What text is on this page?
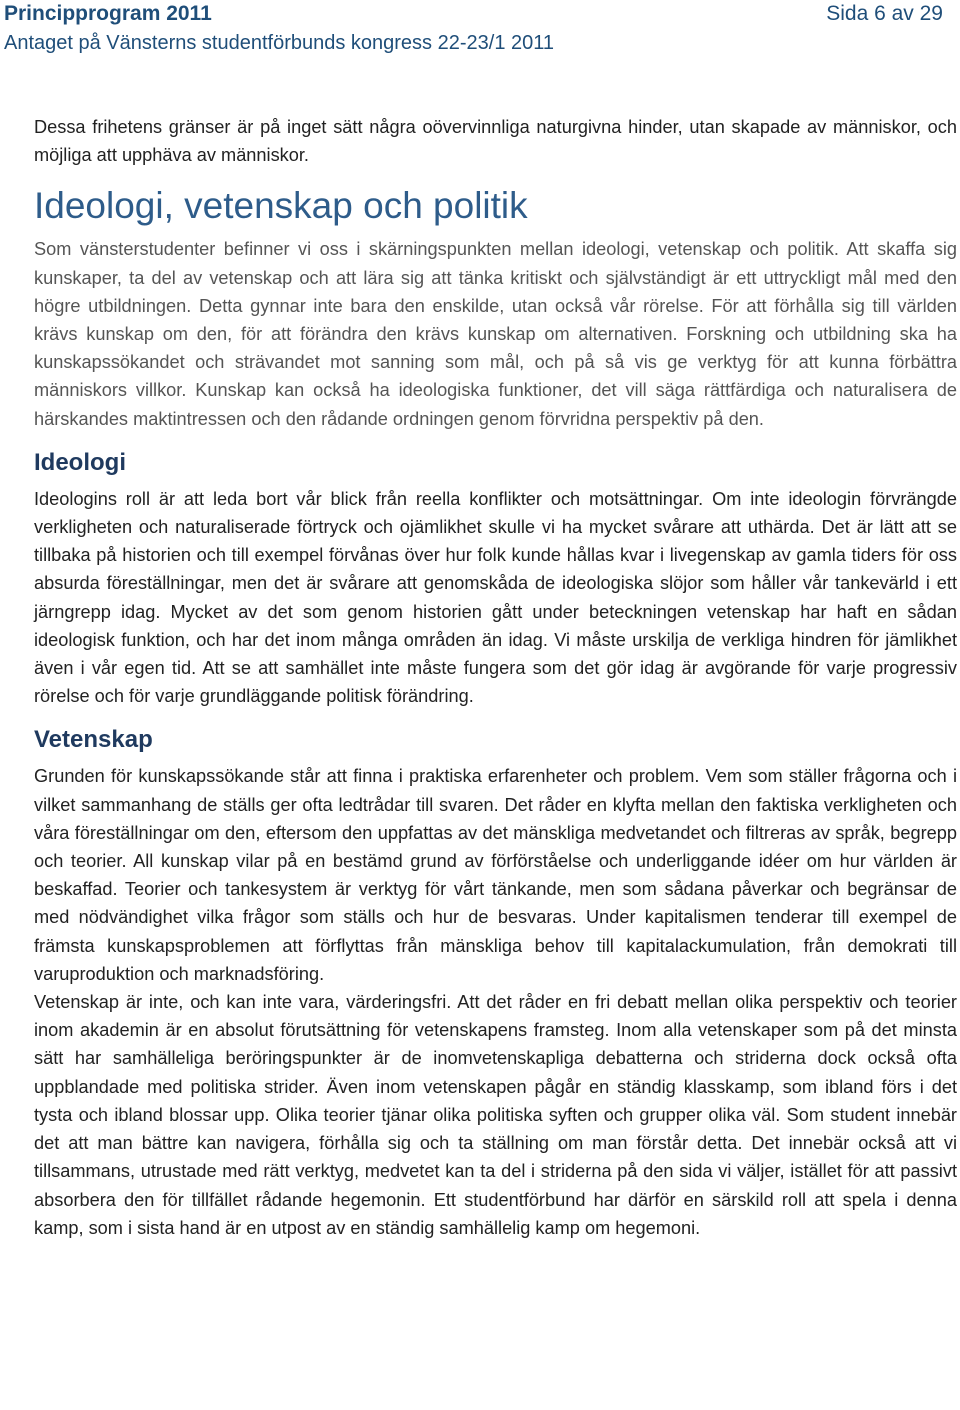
Principprogram 2011
Antaget på Vänsterns studentförbunds kongress 22-23/1 2011
Sida 6 av 29

Dessa frihetens gränser är på inget sätt några oövervinnliga naturgivna hinder, utan skapade av människor, och möjliga att upphäva av människor.

Ideologi, vetenskap och politik

Som vänsterstudenter befinner vi oss i skärningspunkten mellan ideologi, vetenskap och politik. Att skaffa sig kunskaper, ta del av vetenskap och att lära sig att tänka kritiskt och självständigt är ett uttryckligt mål med den högre utbildningen. Detta gynnar inte bara den enskilde, utan också vår rörelse. För att förhålla sig till världen krävs kunskap om den, för att förändra den krävs kunskap om alternativen. Forskning och utbildning ska ha kunskapssökandet och strävandet mot sanning som mål, och på så vis ge verktyg för att kunna förbättra människors villkor. Kunskap kan också ha ideologiska funktioner, det vill säga rättfärdiga och naturalisera de härskandes maktintressen och den rådande ordningen genom förvridna perspektiv på den.

Ideologi

Ideologins roll är att leda bort vår blick från reella konflikter och motsättningar. Om inte ideologin förvrängde verkligheten och naturaliserade förtryck och ojämlikhet skulle vi ha mycket svårare att uthärda. Det är lätt att se tillbaka på historien och till exempel förvånas över hur folk kunde hållas kvar i livegenskap av gamla tiders för oss absurda föreställningar, men det är svårare att genomskåda de ideologiska slöjor som håller vår tankevärld i ett järngrepp idag. Mycket av det som genom historien gått under beteckningen vetenskap har haft en sådan ideologisk funktion, och har det inom många områden än idag. Vi måste urskilja de verkliga hindren för jämlikhet även i vår egen tid. Att se att samhället inte måste fungera som det gör idag är avgörande för varje progressiv rörelse och för varje grundläggande politisk förändring.

Vetenskap

Grunden för kunskapssökande står att finna i praktiska erfarenheter och problem. Vem som ställer frågorna och i vilket sammanhang de ställs ger ofta ledtrådar till svaren. Det råder en klyfta mellan den faktiska verkligheten och våra föreställningar om den, eftersom den uppfattas av det mänskliga medvetandet och filtreras av språk, begrepp och teorier. All kunskap vilar på en bestämd grund av förförståelse och underliggande idéer om hur världen är beskaffad. Teorier och tankesystem är verktyg för vårt tänkande, men som sådana påverkar och begränsar de med nödvändighet vilka frågor som ställs och hur de besvaras. Under kapitalismen tenderar till exempel de främsta kunskapsproblemen att förflyttas från mänskliga behov till kapitalackumulation, från demokrati till varuproduktion och marknadsföring.

Vetenskap är inte, och kan inte vara, värderingsfri. Att det råder en fri debatt mellan olika perspektiv och teorier inom akademin är en absolut förutsättning för vetenskapens framsteg. Inom alla vetenskaper som på det minsta sätt har samhälleliga beröringspunkter är de inomvetenskapliga debatterna och striderna dock också ofta uppblandade med politiska strider. Även inom vetenskapen pågår en ständig klasskamp, som ibland förs i det tysta och ibland blossar upp. Olika teorier tjänar olika politiska syften och grupper olika väl. Som student innebär det att man bättre kan navigera, förhålla sig och ta ställning om man förstår detta. Det innebär också att vi tillsammans, utrustade med rätt verktyg, medvetet kan ta del i striderna på den sida vi väljer, istället för att passivt absorbera den för tillfället rådande hegemonin. Ett studentförbund har därför en särskild roll att spela i denna kamp, som i sista hand är en utpost av en ständig samhällelig kamp om hegemoni.
